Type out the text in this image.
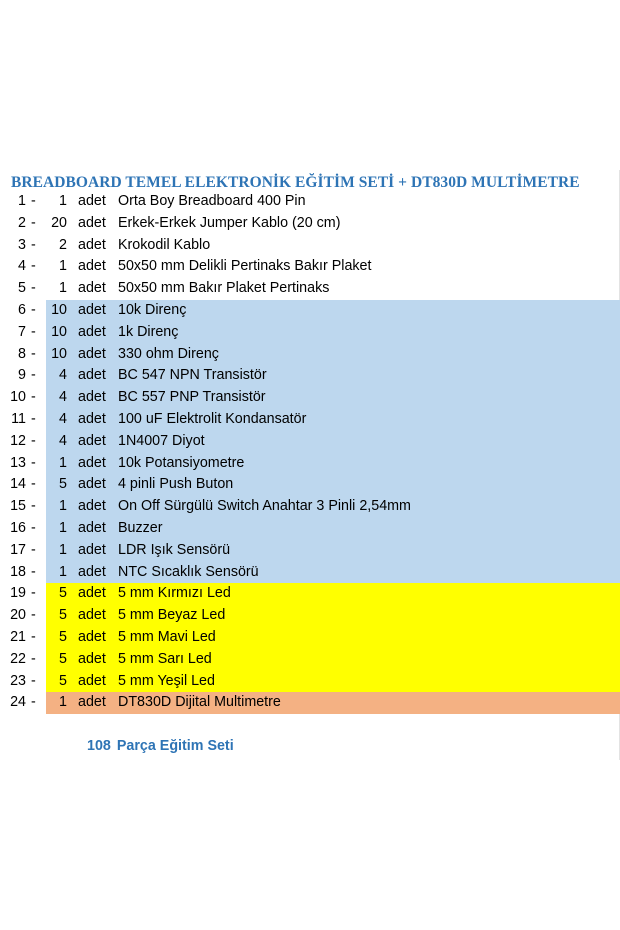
BREADBOARD TEMEL ELEKTRONİK EĞİTİM SETİ + DT830D MULTİMETRE
1 -	1 adet Orta Boy Breadboard 400 Pin
2 - 20 adet Erkek-Erkek Jumper Kablo (20 cm)
3 -	2 adet Krokodil Kablo
4 -	1 adet 50x50 mm Delikli Pertinaks Bakır Plaket
5 -	1 adet 50x50 mm Bakır Plaket Pertinaks
6 - 10 adet 10k Direnç
7 - 10 adet 1k Direnç
8 - 10 adet 330 ohm Direnç
9 -	4 adet BC 547 NPN Transistör
10 -	4 adet BC 557 PNP Transistör
11 -	4 adet 100 uF Elektrolit Kondansatör
12 -	4 adet 1N4007 Diyot
13 -	1 adet 10k Potansiyometre
14 -	5 adet 4 pinli Push Buton
15 -	1 adet On Off Sürgülü Switch Anahtar 3 Pinli 2,54mm
16 -	1 adet Buzzer
17 -	1 adet LDR Işık Sensörü
18 -	1 adet NTC Sıcaklık Sensörü
19 -	5 adet 5 mm Kırmızı Led
20 -	5 adet 5 mm Beyaz Led
21 -	5 adet 5 mm Mavi Led
22 -	5 adet 5 mm Sarı Led
23 -	5 adet 5 mm Yeşil Led
24 -	1 adet DT830D Dijital Multimetre
108 Parça Eğitim Seti
